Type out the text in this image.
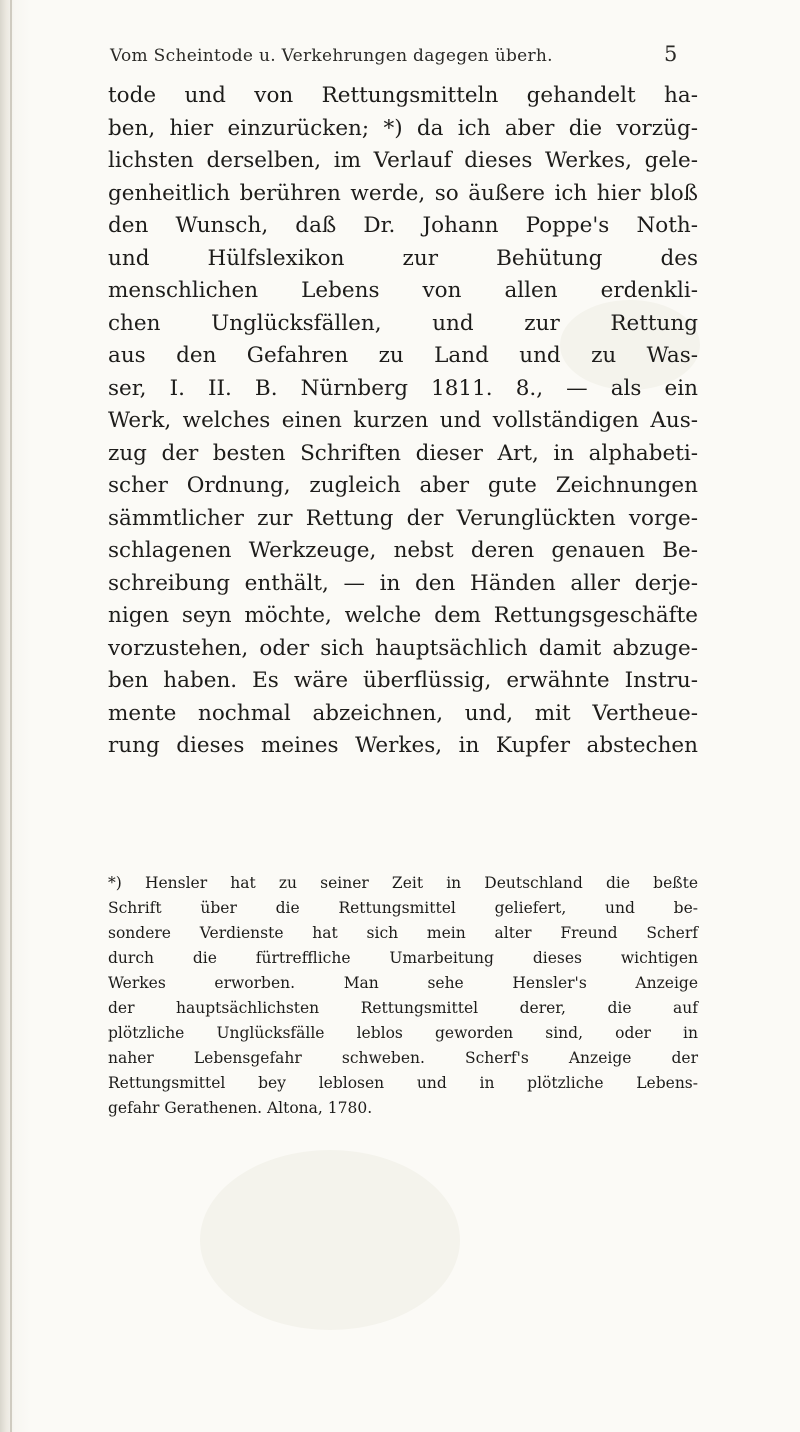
Vom Scheintode u. Verkehrungen dagegen überh.	5
tode und von Rettungsmitteln gehandelt ha-
ben, hier einzurücken; *) da ich aber die vorzüg-
lichsten derselben, im Verlauf dieses Werkes, gele-
genheitlich berühren werde, so äußere ich hier bloß
den Wunsch, daß Dr. Johann Poppe's Noth-
und Hülfslexikon zur Behütung des
menschlichen Lebens von allen erdenkli-
chen Unglücksfällen, und zur Rettung
aus den Gefahren zu Land und zu Was-
ser, I. II. B. Nürnberg 1811. 8., — als ein
Werk, welches einen kurzen und vollständigen Aus-
zug der besten Schriften dieser Art, in alphabeti-
scher Ordnung, zugleich aber gute Zeichnungen
sämmtlicher zur Rettung der Verunglückten vorge-
schlagenen Werkzeuge, nebst deren genauen Be-
schreibung enthält, — in den Händen aller derje-
nigen seyn möchte, welche dem Rettungsgeschäfte
vorzustehen, oder sich hauptsächlich damit abzuge-
ben haben. Es wäre überflüssig, erwähnte Instru-
mente nochmal abzeichnen, und, mit Vertheue-
rung dieses meines Werkes, in Kupfer abstechen
*) Hensler hat zu seiner Zeit in Deutschland die beßte
Schrift über die Rettungsmittel geliefert, und be-
sondere Verdienste hat sich mein alter Freund Scherf
durch die fürtreffliche Umarbeitung dieses wichtigen
Werkes erworben. Man sehe Hensler's Anzeige
der hauptsächlichsten Rettungsmittel derer, die auf
plötzliche Unglücksfälle leblos geworden sind, oder in
naher Lebensgefahr schweben. Scherf's Anzeige der
Rettungsmittel bey leblosen und in plötzliche Lebens-
gefahr Gerathenen. Altona, 1780.
